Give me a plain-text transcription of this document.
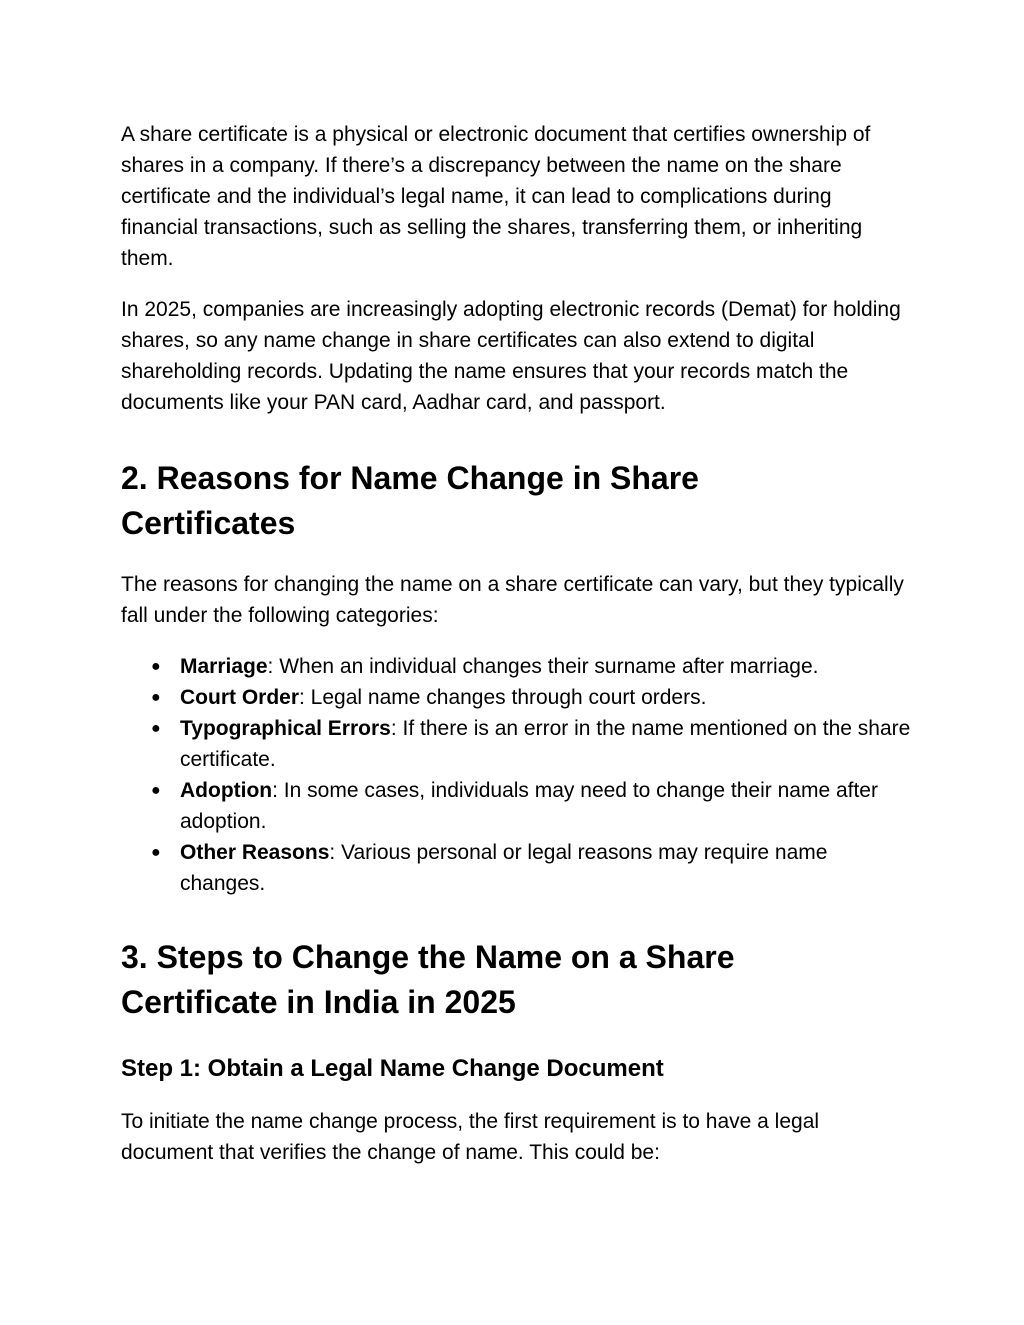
A share certificate is a physical or electronic document that certifies ownership of shares in a company. If there’s a discrepancy between the name on the share certificate and the individual’s legal name, it can lead to complications during financial transactions, such as selling the shares, transferring them, or inheriting them.

In 2025, companies are increasingly adopting electronic records (Demat) for holding shares, so any name change in share certificates can also extend to digital shareholding records. Updating the name ensures that your records match the documents like your PAN card, Aadhar card, and passport.

2. Reasons for Name Change in Share Certificates

The reasons for changing the name on a share certificate can vary, but they typically fall under the following categories:

● Marriage: When an individual changes their surname after marriage.
● Court Order: Legal name changes through court orders.
● Typographical Errors: If there is an error in the name mentioned on the share certificate.
● Adoption: In some cases, individuals may need to change their name after adoption.
● Other Reasons: Various personal or legal reasons may require name changes.
3. Steps to Change the Name on a Share Certificate in India in 2025
Step 1: Obtain a Legal Name Change Document

To initiate the name change process, the first requirement is to have a legal document that verifies the change of name. This could be:
